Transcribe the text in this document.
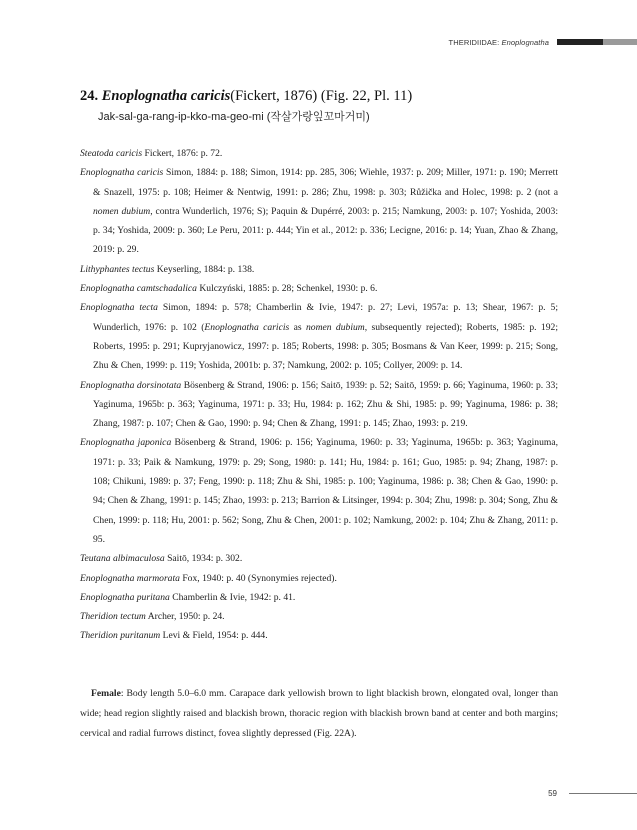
THERIDIIDAE: Enoplognatha
24. Enoplognatha caricis(Fickert, 1876) (Fig. 22, Pl. 11)
Jak-sal-ga-rang-ip-kko-ma-geo-mi (작살가랑잎꼬마거미)
Steatoda caricis Fickert, 1876: p. 72.
Enoplognatha caricis Simon, 1884: p. 188; Simon, 1914: pp. 285, 306; Wiehle, 1937: p. 209; Miller, 1971: p. 190; Merrett & Snazell, 1975: p. 108; Heimer & Nentwig, 1991: p. 286; Zhu, 1998: p. 303; Růžička and Holec, 1998: p. 2 (not a nomen dubium, contra Wunderlich, 1976; S); Paquin & Dupérré, 2003: p. 215; Namkung, 2003: p. 107; Yoshida, 2003: p. 34; Yoshida, 2009: p. 360; Le Peru, 2011: p. 444; Yin et al., 2012: p. 336; Lecigne, 2016: p. 14; Yuan, Zhao & Zhang, 2019: p. 29.
Lithyphantes tectus Keyserling, 1884: p. 138.
Enoplognatha camtschadalica Kulczyński, 1885: p. 28; Schenkel, 1930: p. 6.
Enoplognatha tecta Simon, 1894: p. 578; Chamberlin & Ivie, 1947: p. 27; Levi, 1957a: p. 13; Shear, 1967: p. 5; Wunderlich, 1976: p. 102 (Enoplognatha caricis as nomen dubium, subsequently rejected); Roberts, 1985: p. 192; Roberts, 1995: p. 291; Kupryjanowicz, 1997: p. 185; Roberts, 1998: p. 305; Bosmans & Van Keer, 1999: p. 215; Song, Zhu & Chen, 1999: p. 119; Yoshida, 2001b: p. 37; Namkung, 2002: p. 105; Collyer, 2009: p. 14.
Enoplognatha dorsinotata Bösenberg & Strand, 1906: p. 156; Saitō, 1939: p. 52; Saitō, 1959: p. 66; Yaginuma, 1960: p. 33; Yaginuma, 1965b: p. 363; Yaginuma, 1971: p. 33; Hu, 1984: p. 162; Zhu & Shi, 1985: p. 99; Yaginuma, 1986: p. 38; Zhang, 1987: p. 107; Chen & Gao, 1990: p. 94; Chen & Zhang, 1991: p. 145; Zhao, 1993: p. 219.
Enoplognatha japonica Bösenberg & Strand, 1906: p. 156; Yaginuma, 1960: p. 33; Yaginuma, 1965b: p. 363; Yaginuma, 1971: p. 33; Paik & Namkung, 1979: p. 29; Song, 1980: p. 141; Hu, 1984: p. 161; Guo, 1985: p. 94; Zhang, 1987: p. 108; Chikuni, 1989: p. 37; Feng, 1990: p. 118; Zhu & Shi, 1985: p. 100; Yaginuma, 1986: p. 38; Chen & Gao, 1990: p. 94; Chen & Zhang, 1991: p. 145; Zhao, 1993: p. 213; Barrion & Litsinger, 1994: p. 304; Zhu, 1998: p. 304; Song, Zhu & Chen, 1999: p. 118; Hu, 2001: p. 562; Song, Zhu & Chen, 2001: p. 102; Namkung, 2002: p. 104; Zhu & Zhang, 2011: p. 95.
Teutana albimaculosa Saitō, 1934: p. 302.
Enoplognatha marmorata Fox, 1940: p. 40 (Synonymies rejected).
Enoplognatha puritana Chamberlin & Ivie, 1942: p. 41.
Theridion tectum Archer, 1950: p. 24.
Theridion puritanum Levi & Field, 1954: p. 444.
Female: Body length 5.0–6.0 mm. Carapace dark yellowish brown to light blackish brown, elongated oval, longer than wide; head region slightly raised and blackish brown, thoracic region with blackish brown band at center and both margins; cervical and radial furrows distinct, fovea slightly depressed (Fig. 22A).
59
